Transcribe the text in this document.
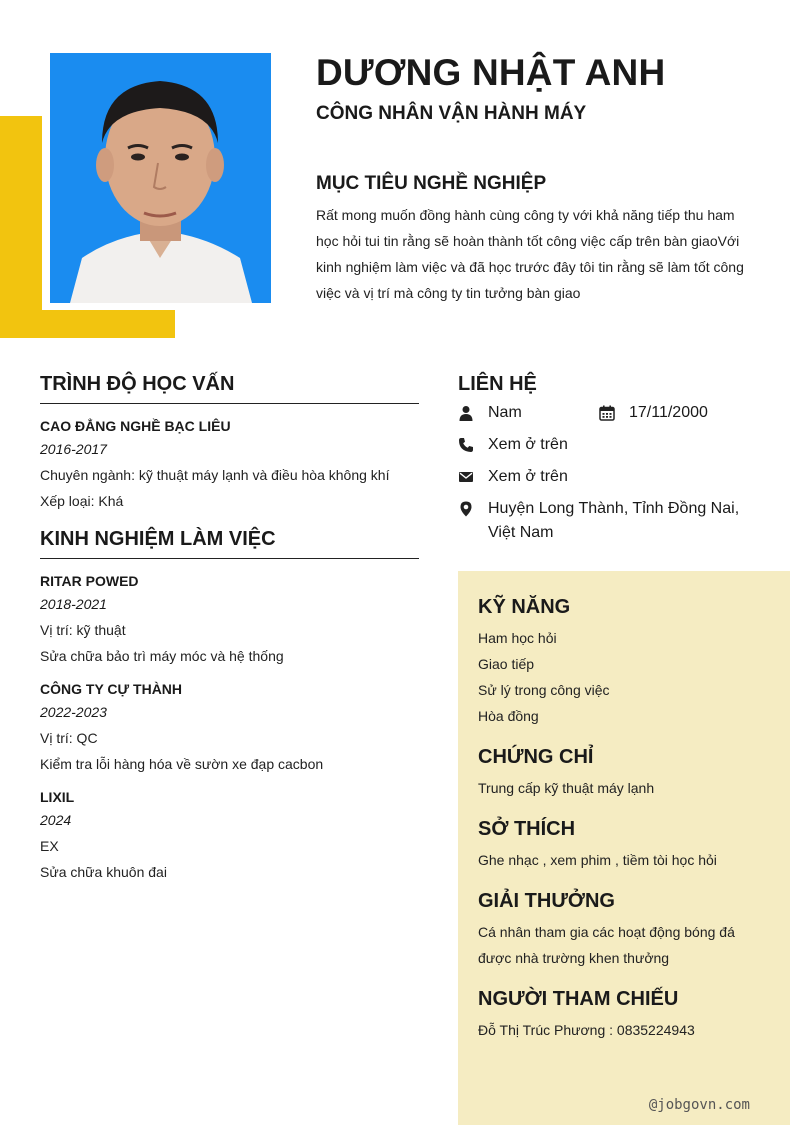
DƯƠNG NHẬT ANH
CÔNG NHÂN VẬN HÀNH MÁY
MỤC TIÊU NGHỀ NGHIỆP
Rất mong muốn đồng hành cùng công ty với khả năng tiếp thu ham học hỏi tui tin rằng sẽ hoàn thành tốt công việc cấp trên bàn giaoVới kinh nghiệm làm việc và đã học trước đây tôi tin rằng sẽ làm tốt công việc và vị trí mà công ty tin tưởng bàn giao
TRÌNH ĐỘ HỌC VẤN
CAO ĐẲNG NGHỀ BẠC LIÊU
2016-2017
Chuyên ngành: kỹ thuật máy lạnh và điều hòa không khí
Xếp loại: Khá
KINH NGHIỆM LÀM VIỆC
RITAR POWED
2018-2021
Vị trí: kỹ thuật
Sửa chữa bảo trì máy móc và hệ thống
CÔNG TY CỰ THÀNH
2022-2023
Vị trí: QC
Kiểm tra lỗi hàng hóa về sườn xe đạp cacbon
LIXIL
2024
EX
Sửa chữa khuôn đai
LIÊN HỆ
Nam	17/11/2000
Xem ở trên
Xem ở trên
Huyện Long Thành, Tỉnh Đồng Nai, Việt Nam
KỸ NĂNG
Ham học hỏi
Giao tiếp
Sử lý trong công việc
Hòa đồng
CHỨNG CHỈ
Trung cấp kỹ thuật máy lạnh
SỞ THÍCH
Ghe nhạc , xem phim , tiềm tòi học hỏi
GIẢI THƯỞNG
Cá nhân tham gia các hoạt động bóng đá được nhà trường khen thưởng
NGƯỜI THAM CHIẾU
Đỗ Thị Trúc Phương : 0835224943
@jobgovn.com
